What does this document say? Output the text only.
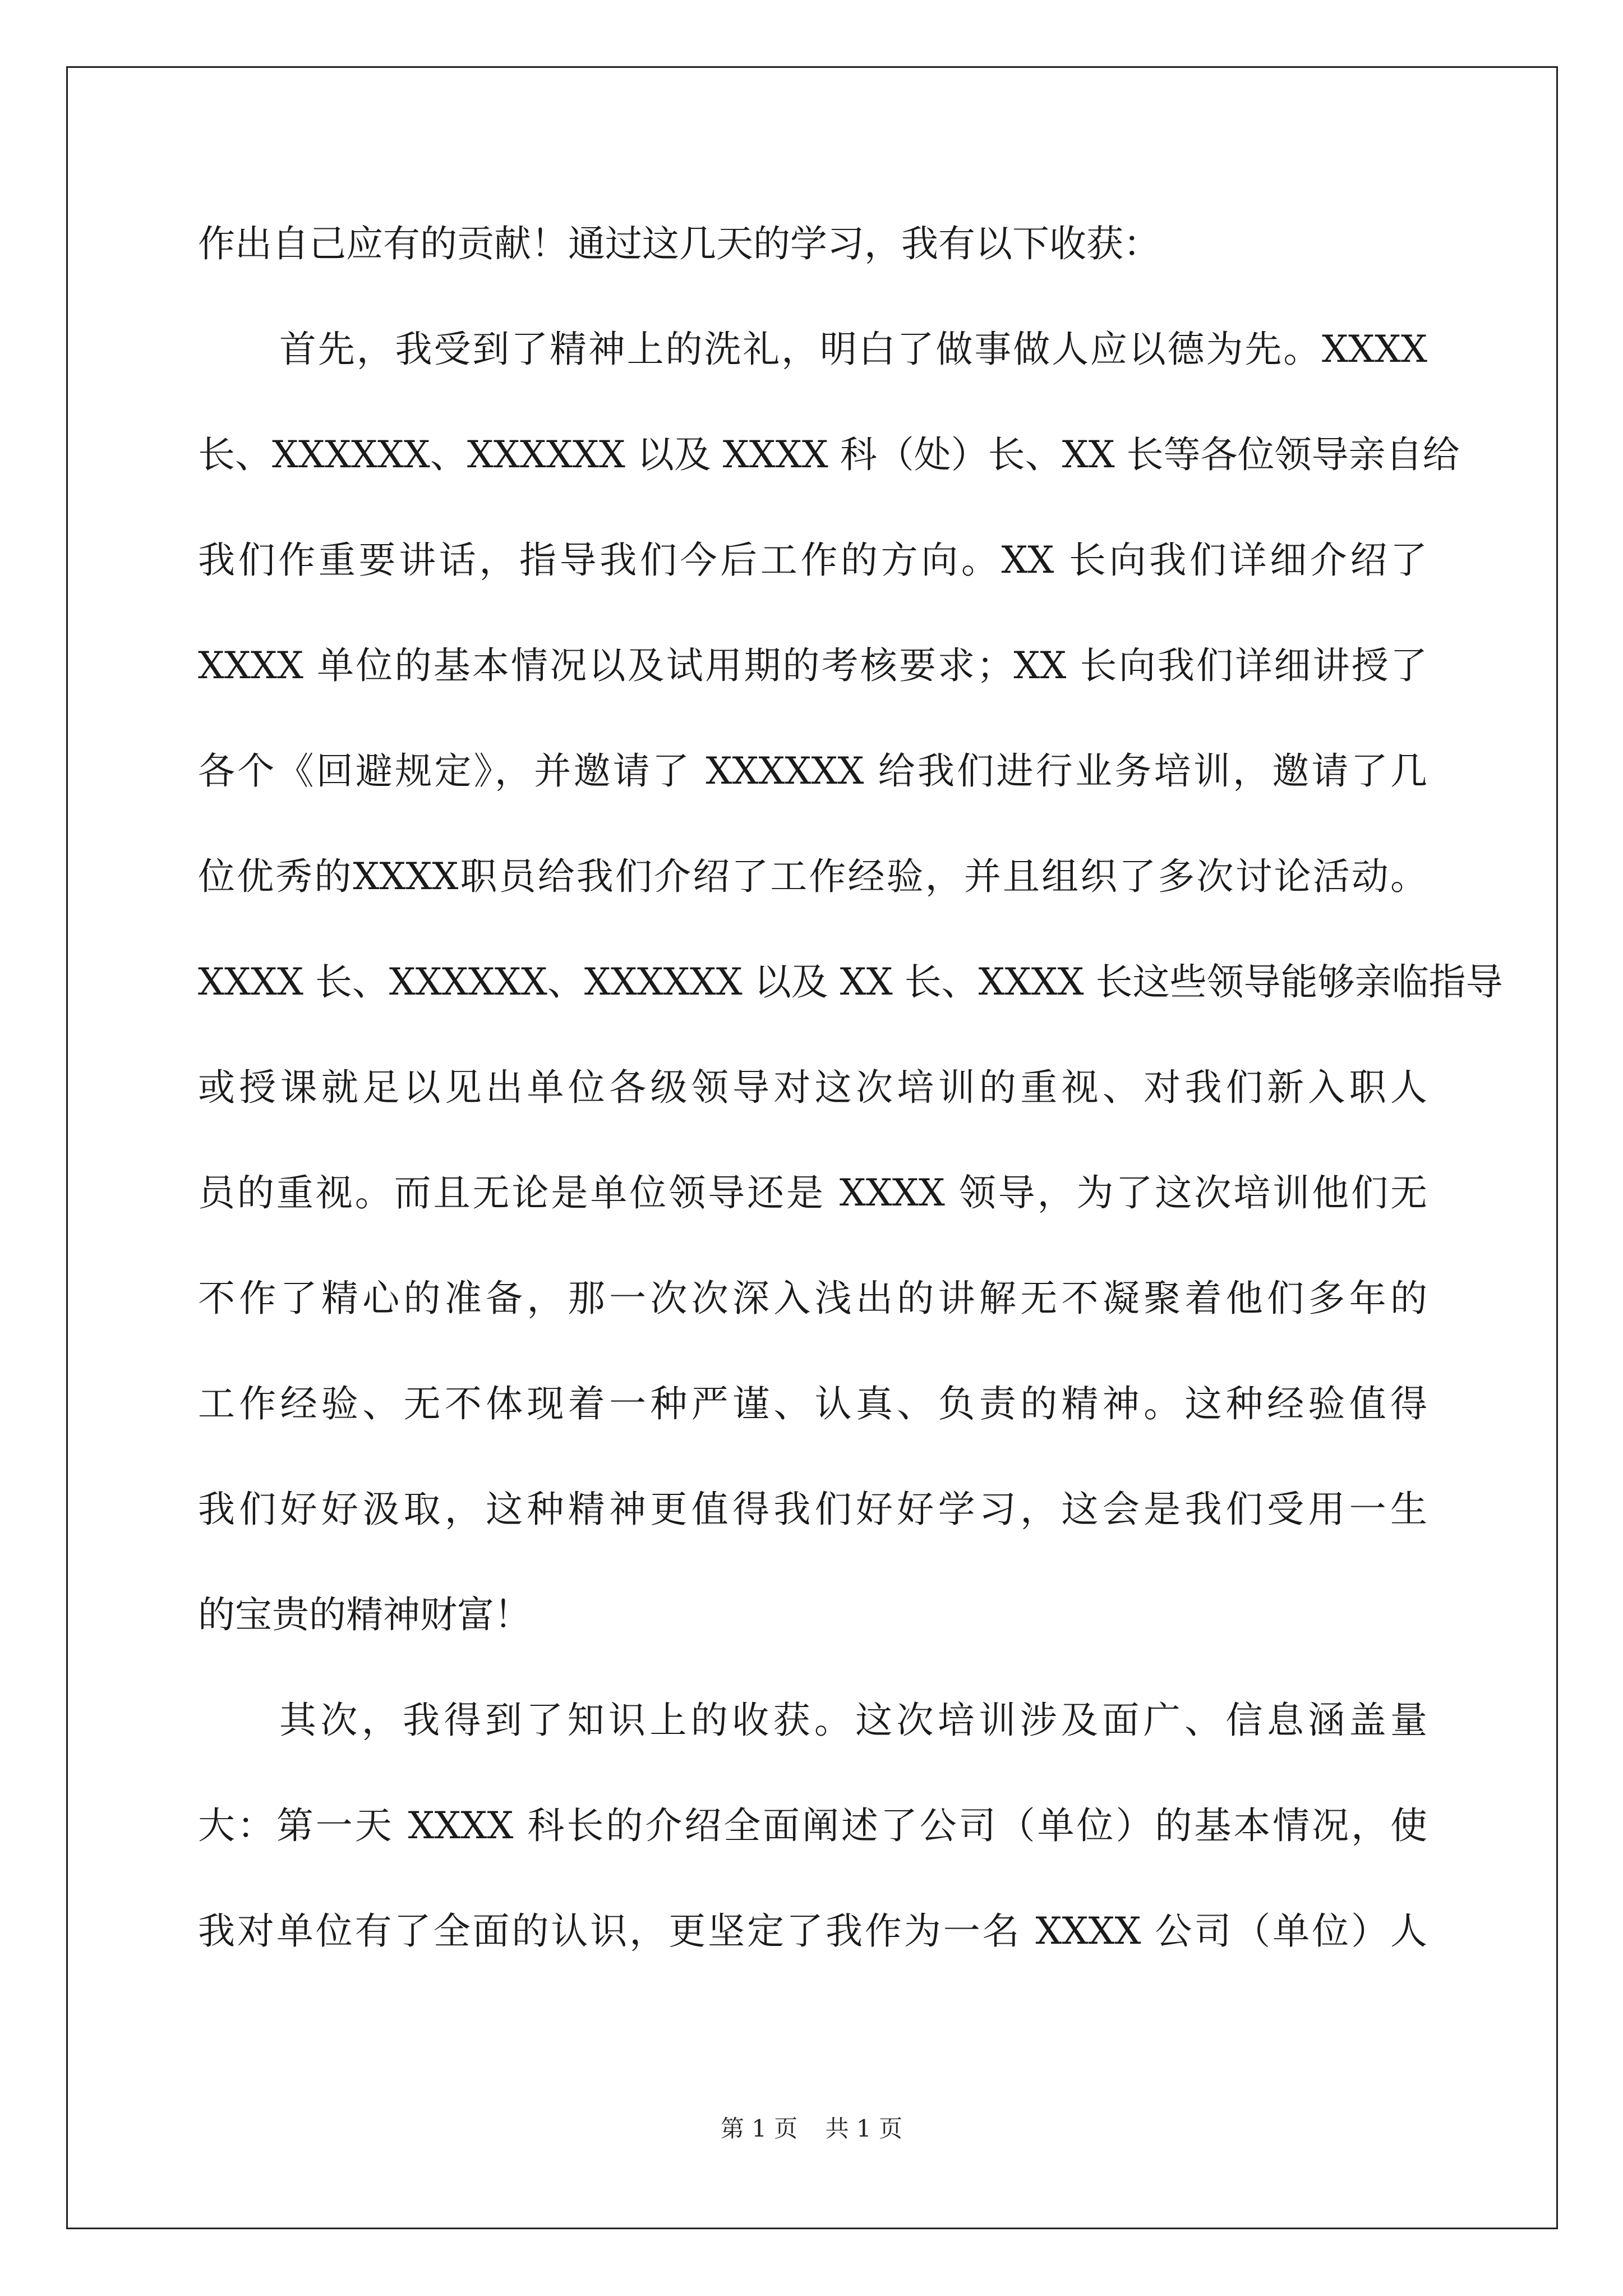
作出自己应有的贡献！通过这几天的学习，我有以下收获：
首先，我受到了精神上的洗礼，明白了做事做人应以德为先。XXXX
长、XXXXXX、XXXXXX 以及 XXXX 科（处）长、XX 长等各位领导亲自给
我们作重要讲话，指导我们今后工作的方向。XX 长向我们详细介绍了
XXXX 单位的基本情况以及试用期的考核要求；XX 长向我们详细讲授了
各个《回避规定》，并邀请了 XXXXXX 给我们进行业务培训，邀请了几
位优秀的XXXX职员给我们介绍了工作经验，并且组织了多次讨论活动。
XXXX 长、XXXXXX、XXXXXX 以及 XX 长、XXXX 长这些领导能够亲临指导
或授课就足以见出单位各级领导对这次培训的重视、对我们新入职人
员的重视。而且无论是单位领导还是 XXXX 领导，为了这次培训他们无
不作了精心的准备，那一次次深入浅出的讲解无不凝聚着他们多年的
工作经验、无不体现着一种严谨、认真、负责的精神。这种经验值得
我们好好汲取，这种精神更值得我们好好学习，这会是我们受用一生
的宝贵的精神财富！
其次，我得到了知识上的收获。这次培训涉及面广、信息涵盖量
大：第一天 XXXX 科长的介绍全面阐述了公司（单位）的基本情况，使
我对单位有了全面的认识，更坚定了我作为一名 XXXX 公司（单位）人
第 1 页 共 1 页
